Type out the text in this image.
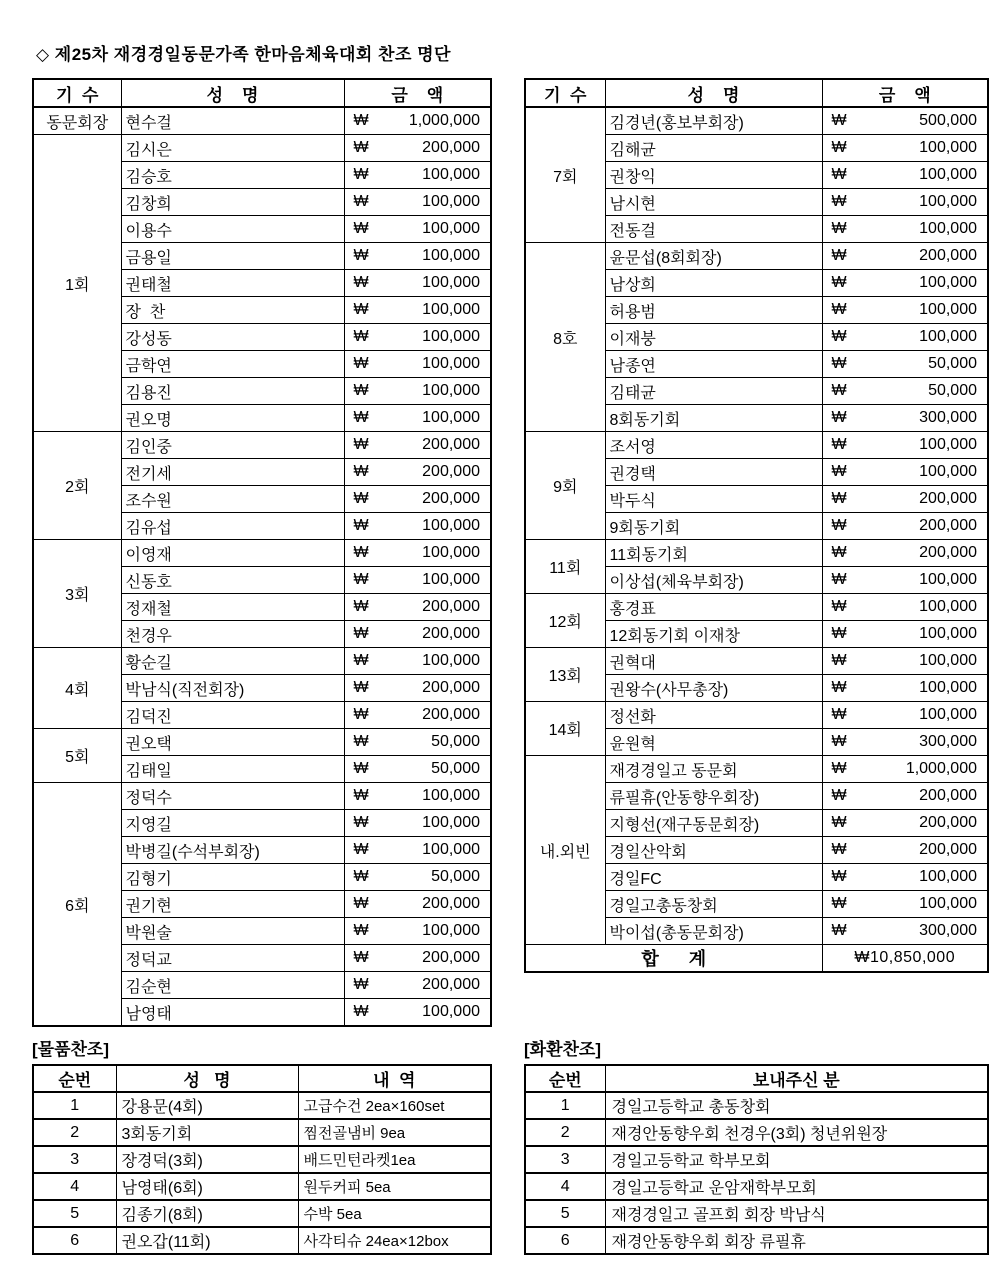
◇ 제25차 재경경일동문가족 한마음체육대회 찬조 명단
기  수	성    명	금    액
동문회장	현수걸	₩ 1,000,000

1회	김시은	₩ 200,000

	김승호	₩ 100,000

	김창희	₩ 100,000

	이용수	₩ 100,000

	금용일	₩ 100,000

	권태철	₩ 100,000

	장  찬	₩ 100,000

	강성동	₩ 100,000

	금학연	₩ 100,000

	김용진	₩ 100,000

	권오명	₩ 100,000

2회	김인중	₩ 200,000

	전기세	₩ 200,000

	조수원	₩ 200,000

	김유섭	₩ 100,000

3회	이영재	₩ 100,000

	신동호	₩ 100,000

	정재철	₩ 200,000

	천경우	₩ 200,000

4회	황순길	₩ 100,000

	박남식(직전회장)	₩ 200,000

	김덕진	₩ 200,000

5회	권오택	₩ 50,000

	김태일	₩ 50,000

6회	정덕수	₩ 100,000

	지영길	₩ 100,000

	박병길(수석부회장)	₩ 100,000

	김형기	₩ 50,000

	권기현	₩ 200,000

	박원술	₩ 100,000

	정덕교	₩ 200,000

	김순현	₩ 200,000

	남영태	₩ 100,000
기  수	성    명	금    액
7회	김경년(홍보부회장)	₩ 500,000

	김해균	₩ 100,000

	권창익	₩ 100,000

	남시현	₩ 100,000

	전동걸	₩ 100,000

8호	윤문섭(8회회장)	₩ 200,000

	남상희	₩ 100,000

	허용범	₩ 100,000

	이재붕	₩ 100,000

	남종연	₩ 50,000

	김태균	₩ 50,000

	8회동기회	₩ 300,000

9회	조서영	₩ 100,000

	권경택	₩ 100,000

	박두식	₩ 200,000

	9회동기회	₩ 200,000

11회	11회동기회	₩ 200,000

	이상섭(체육부회장)	₩ 100,000

12회	홍경표	₩ 100,000

	12회동기회 이재창	₩ 100,000

13회	권혁대	₩ 100,000

	권왕수(사무총장)	₩ 100,000

14회	정선화	₩ 100,000

	윤원혁	₩ 300,000

내.외빈	재경경일고 동문회	₩ 1,000,000

	류필휴(안동향우회장)	₩ 200,000

	지형선(재구동문회장)	₩ 200,000

	경일산악회	₩ 200,000

	경일FC	₩ 100,000

	경일고총동창회	₩ 100,000

	박이섭(총동문회장)	₩ 300,000

합      계		₩10,850,000
[물품찬조]
순번	성   명	내  역
1	강용문(4회)	고급수건 2ea×160set
2	3회동기회	찜전골냄비 9ea
3	장경덕(3회)	배드민턴라켓1ea
4	남영태(6회)	원두커피 5ea
5	김종기(8회)	수박 5ea
6	권오갑(11회)	사각티슈 24ea×12box
[화환찬조]
순번	보내주신 분
1	경일고등학교 총동창회
2	재경안동향우회 천경우(3회) 청년위원장
3	경일고등학교 학부모회
4	경일고등학교 운암재학부모회
5	재경경일고 골프회 회장 박남식
6	재경안동향우회 회장 류필휴
